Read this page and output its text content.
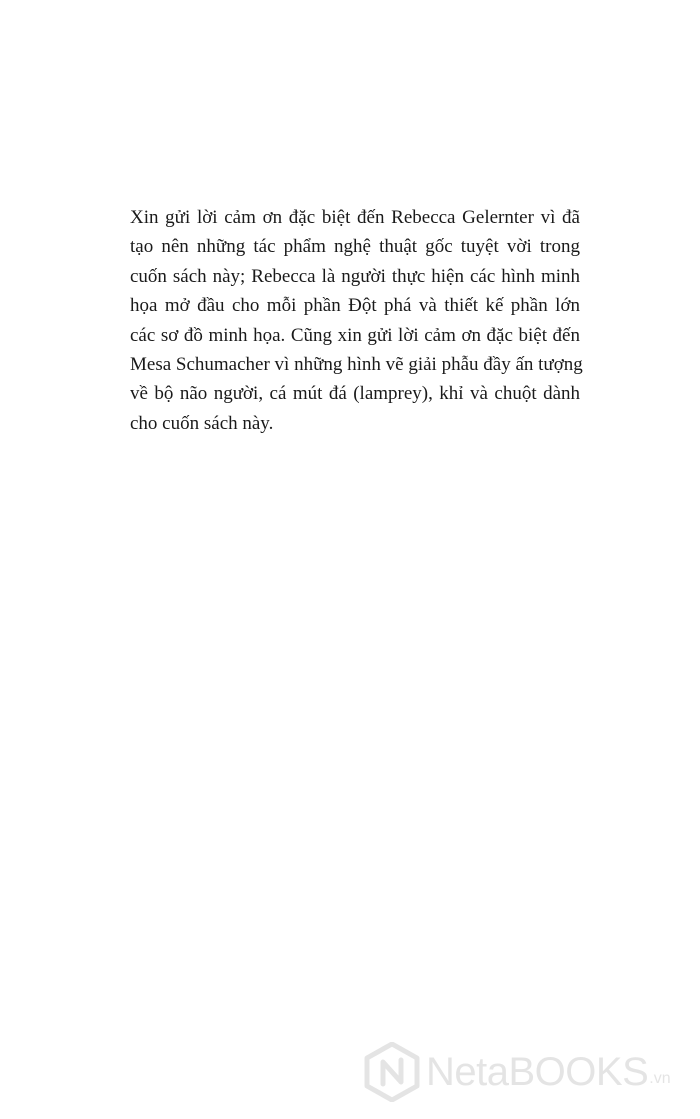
Xin gửi lời cảm ơn đặc biệt đến Rebecca Gelernter vì đã
tạo nên những tác phẩm nghệ thuật gốc tuyệt vời trong
cuốn sách này; Rebecca là người thực hiện các hình minh
họa mở đầu cho mỗi phần Đột phá và thiết kế phần lớn
các sơ đồ minh họa. Cũng xin gửi lời cảm ơn đặc biệt đến
Mesa Schumacher vì những hình vẽ giải phẫu đầy ấn tượng
về bộ não người, cá mút đá (lamprey), khỉ và chuột dành
cho cuốn sách này.
NetaBOOKS .vn
